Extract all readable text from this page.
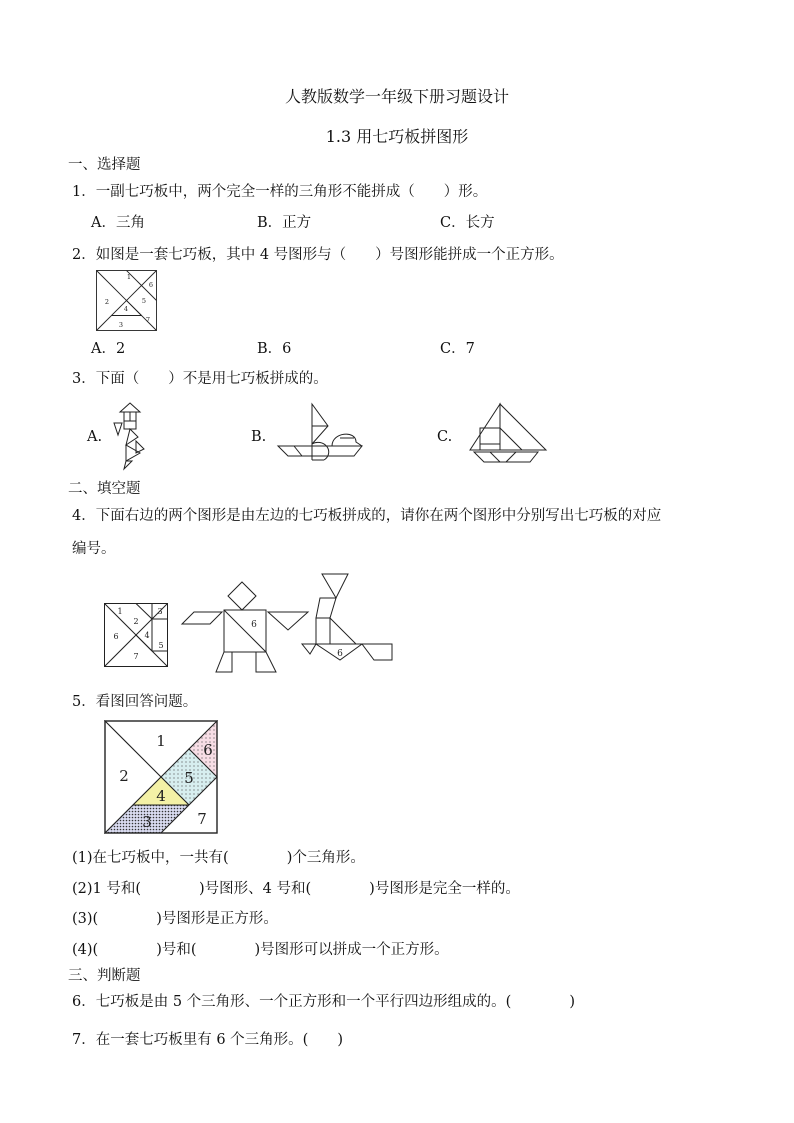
人教版数学一年级下册习题设计
1.3 用七巧板拼图形
一、选择题
1．一副七巧板中，两个完全一样的三角形不能拼成（　　）形。
A．三角	B．正方	C．长方
2．如图是一套七巧板，其中 4 号图形与（　　）号图形能拼成一个正方形。
1
2
3
4
5
6
7
A．2	B．6	C．7
3．下面（　　）不是用七巧板拼成的。
A.	B.	C.
二、填空题
4．下面右边的两个图形是由左边的七巧板拼成的，请你在两个图形中分别写出七巧板的对应
编号。
1
2
3
4
5
6
7
6
6
5．看图回答问题。
1
2
3
4
5
6
7
(1)在七巧板中，一共有(　　　　)个三角形。
(2)1 号和(　　　　)号图形、4 号和(　　　　)号图形是完全一样的。
(3)(　　　　)号图形是正方形。
(4)(　　　　)号和(　　　　)号图形可以拼成一个正方形。
三、判断题
6．七巧板是由 5 个三角形、一个正方形和一个平行四边形组成的。(　　　　)
7．在一套七巧板里有 6 个三角形。(　　)
